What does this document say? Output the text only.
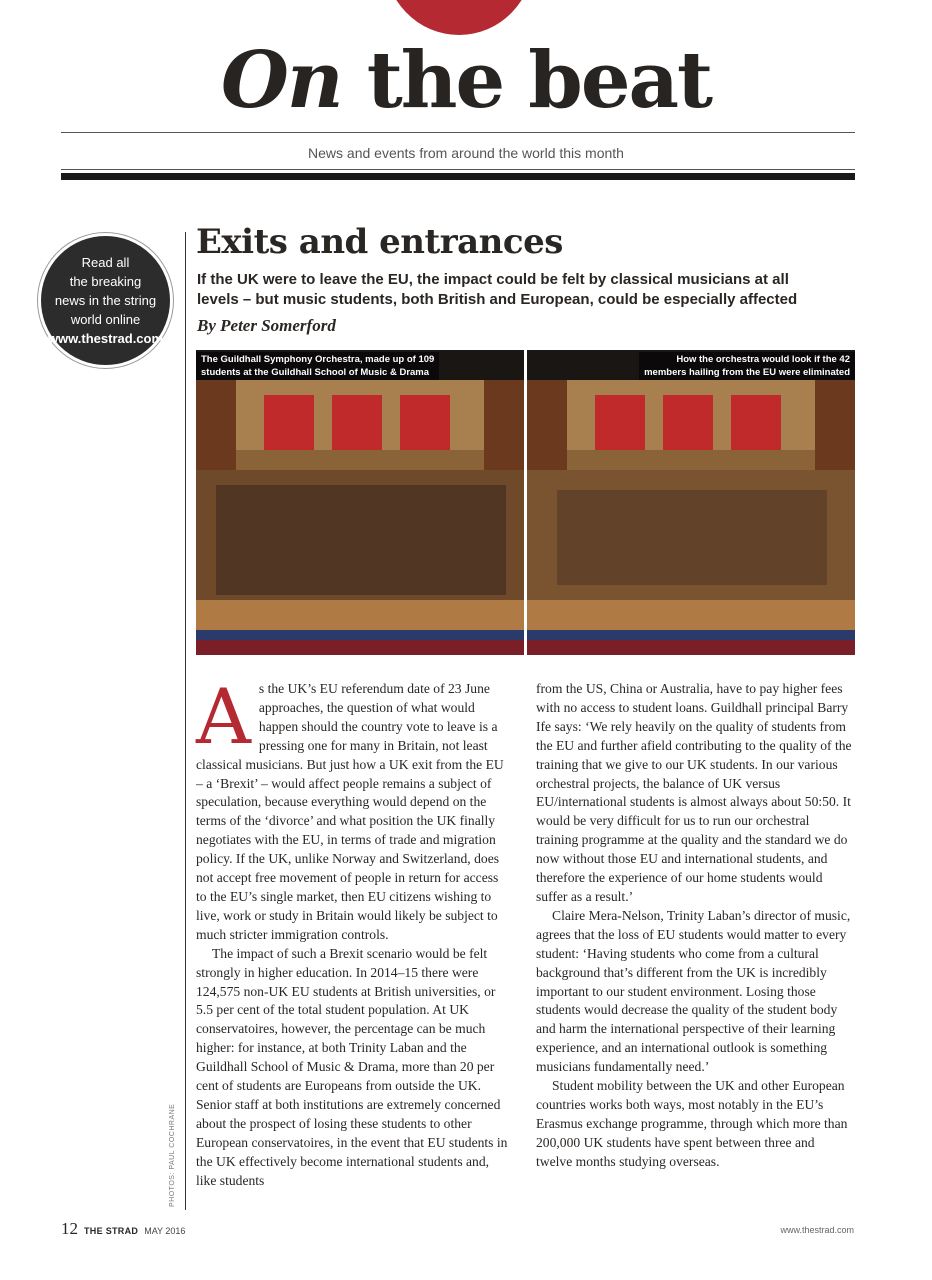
On the beat
News and events from around the world this month
Read all
the breaking
news in the string
world online
www.thestrad.com
Exits and entrances

If the UK were to leave the EU, the impact could be felt by classical musicians at all levels – but music students, both British and European, could be especially affected

By Peter Somerford

The Guildhall Symphony Orchestra, made up of 109
students at the Guildhall School of Music & Drama
How the orchestra would look if the 42
members hailing from the EU were eliminated
A s the UK’s EU referendum date of 23 June approaches, the question of what would happen should the country vote to leave is a pressing one for many in Britain, not least classical musicians. But just how a UK exit from the EU – a ‘Brexit’ – would affect people remains a subject of speculation, because everything would depend on the terms of the ‘divorce’ and what position the UK finally negotiates with the EU, in terms of trade and migration policy. If the UK, unlike Norway and Switzerland, does not accept free movement of people in return for access to the EU’s single market, then EU citizens wishing to live, work or study in Britain would likely be subject to much stricter immigration controls.

The impact of such a Brexit scenario would be felt strongly in higher education. In 2014–15 there were 124,575 non-UK EU students at British universities, or 5.5 per cent of the total student population. At UK conservatoires, however, the percentage can be much higher: for instance, at both Trinity Laban and the Guildhall School of Music & Drama, more than 20 per cent of students are Europeans from outside the UK. Senior staff at both institutions are extremely concerned about the prospect of losing these students to other European conservatoires, in the event that EU students in the UK effectively become international students and, like students

from the US, China or Australia, have to pay higher fees with no access to student loans. Guildhall principal Barry Ife says: ‘We rely heavily on the quality of students from the EU and further afield contributing to the quality of the training that we give to our UK students. In our various orchestral projects, the balance of UK versus EU/international students is almost always about 50:50. It would be very difficult for us to run our orchestral training programme at the quality and the standard we do now without those EU and international students, and therefore the experience of our home students would suffer as a result.’

Claire Mera-Nelson, Trinity Laban’s director of music, agrees that the loss of EU students would matter to every student: ‘Having students who come from a cultural background that’s different from the UK is incredibly important to our student environment. Losing those students would decrease the quality of the student body and harm the international perspective of their learning experience, and an international outlook is something musicians fundamentally need.’

Student mobility between the UK and other European countries works both ways, most notably in the EU’s Erasmus exchange programme, through which more than 200,000 UK students have spent between three and twelve months studying overseas.

PHOTOS: PAUL COCHRANE
12 THE STRAD MAY 2016	www.thestrad.com
